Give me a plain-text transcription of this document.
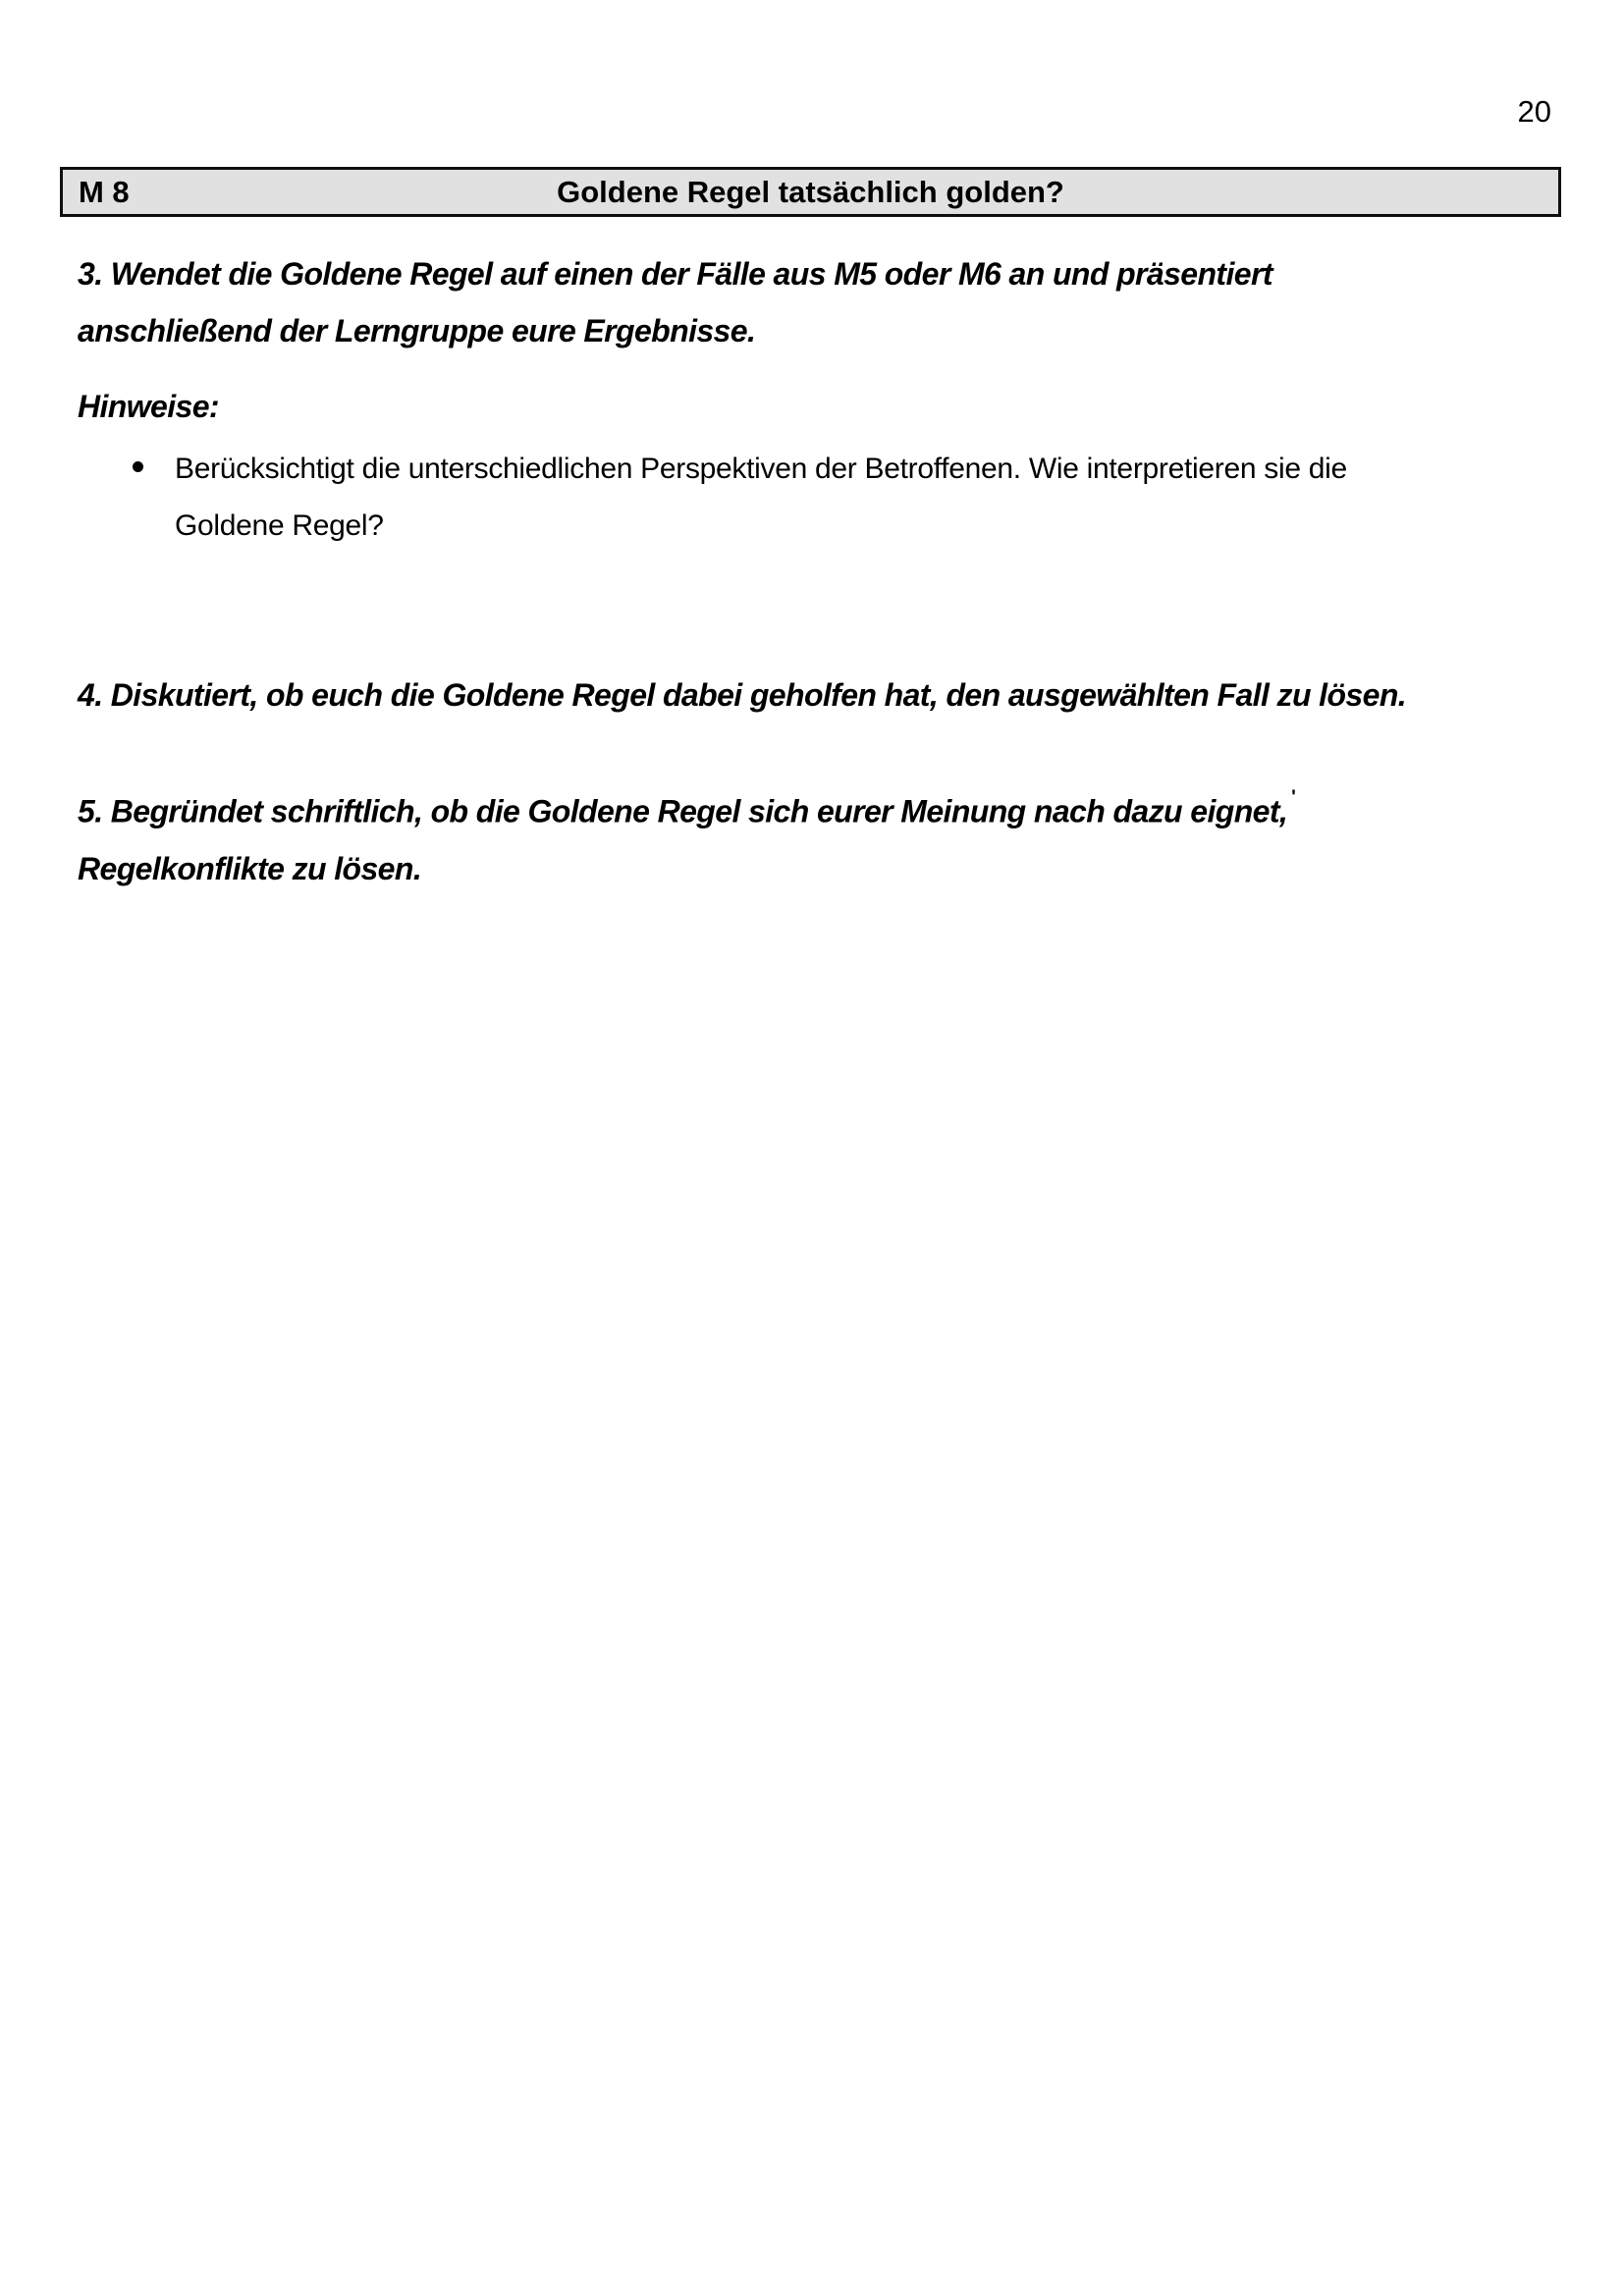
20
M 8	Goldene Regel tatsächlich golden?
3. Wendet die Goldene Regel auf einen der Fälle aus M5 oder M6 an und präsentiert
anschließend der Lerngruppe eure Ergebnisse.
Hinweise:
Berücksichtigt die unterschiedlichen Perspektiven der Betroffenen. Wie interpretieren sie die
Goldene Regel?
4. Diskutiert, ob euch die Goldene Regel dabei geholfen hat, den ausgewählten Fall zu lösen.
5. Begründet schriftlich, ob die Goldene Regel sich eurer Meinung nach dazu eignet, '
Regelkonflikte zu lösen.
